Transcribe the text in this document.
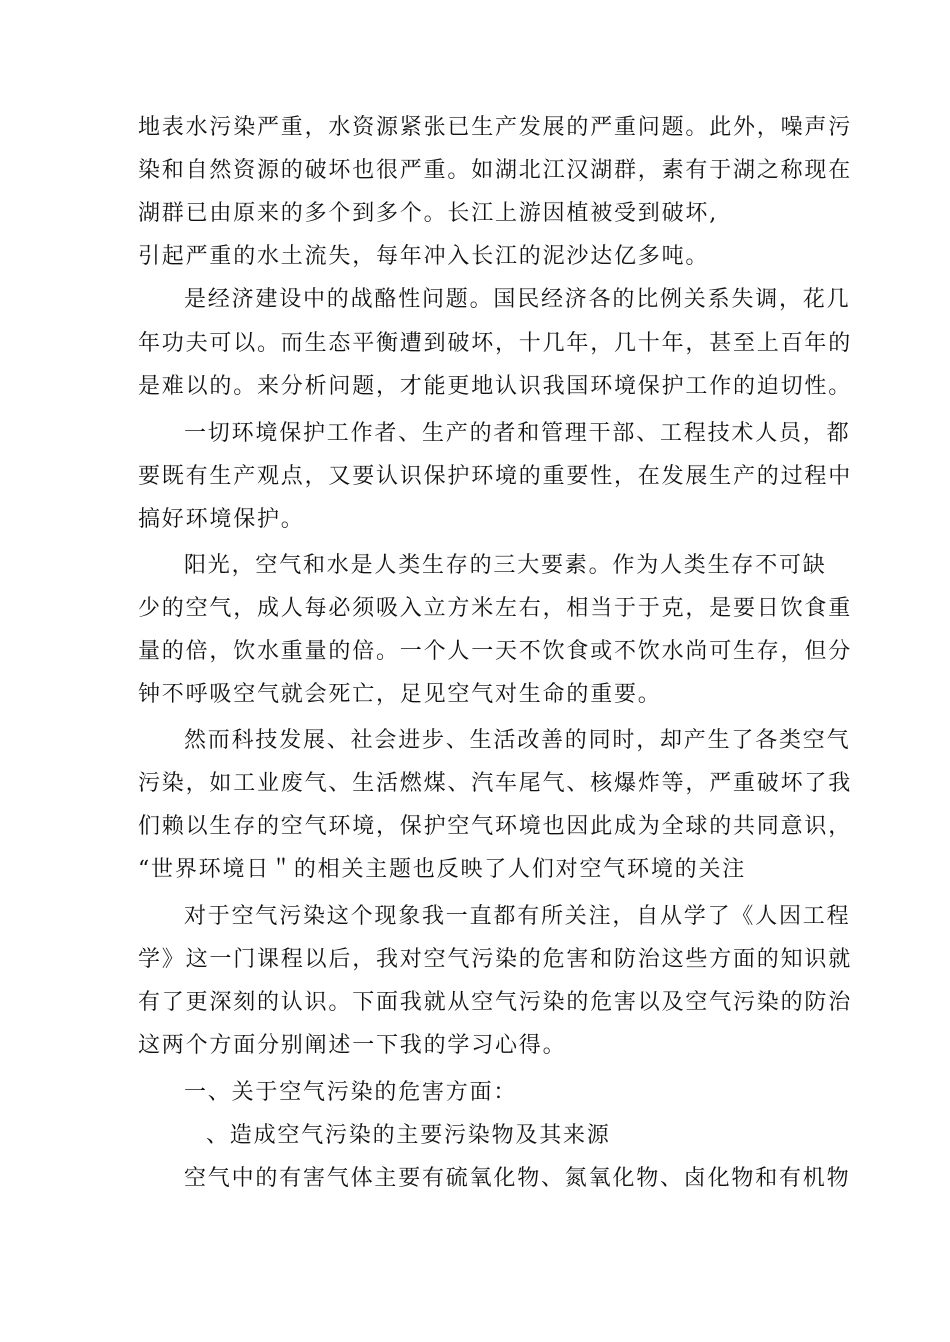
地表水污染严重，水资源紧张已生产发展的严重问题。此外，噪声污
染和自然资源的破坏也很严重。如湖北江汉湖群，素有于湖之称现在
湖群已由原来的多个到多个。长江上游因植被受到破坏,
引起严重的水土流失，每年冲入长江的泥沙达亿多吨。
是经济建设中的战酪性问题。国民经济各的比例关系失调，花几
年功夫可以。而生态平衡遭到破坏，十几年，几十年，甚至上百年的
是难以的。来分析问题，才能更地认识我国环境保护工作的迫切性。
一切环境保护工作者、生产的者和管理干部、工程技术人员，都
要既有生产观点，又要认识保护环境的重要性，在发展生产的过程中
搞好环境保护。
阳光，空气和水是人类生存的三大要素。作为人类生存不可缺
少的空气，成人每必须吸入立方米左右，相当于于克，是要日饮食重
量的倍，饮水重量的倍。一个人一天不饮食或不饮水尚可生存，但分
钟不呼吸空气就会死亡，足见空气对生命的重要。
然而科技发展、社会进步、生活改善的同时，却产生了各类空气
污染，如工业废气、生活燃煤、汽车尾气、核爆炸等，严重破坏了我
们赖以生存的空气环境，保护空气环境也因此成为全球的共同意识，
“世界环境日＂的相关主题也反映了人们对空气环境的关注
对于空气污染这个现象我一直都有所关注，自从学了《人因工程
学》这一门课程以后，我对空气污染的危害和防治这些方面的知识就
有了更深刻的认识。下面我就从空气污染的危害以及空气污染的防治
这两个方面分别阐述一下我的学习心得。
一、关于空气污染的危害方面：
、造成空气污染的主要污染物及其来源
空气中的有害气体主要有硫氧化物、氮氧化物、卤化物和有机物
